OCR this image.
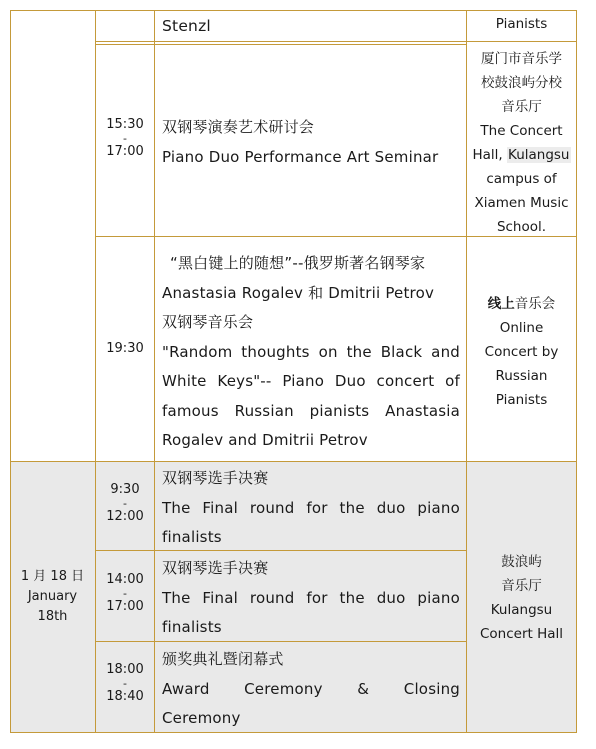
Stenzl	Pianists
15:30
-
17:00
双钢琴演奏艺术研讨会
Piano Duo Performance Art Seminar
厦门市音乐学
校鼓浪屿分校
音乐厅
The Concert
Hall, Kulangsu
campus of
Xiamen Music
School.
19:30
“黑白键上的随想”--俄罗斯著名钢琴家
Anastasia Rogalev 和 Dmitrii Petrov
双钢琴音乐会
"Random thoughts on the Black and
White Keys"-- Piano Duo concert of
famous Russian pianists Anastasia
Rogalev and Dmitrii Petrov
线上音乐会
Online
Concert by
Russian
Pianists
1 月 18 日
January
18th
9:30
-
12:00
双钢琴选手决赛
The Final round for the duo piano
finalists
14:00
-
17:00
双钢琴选手决赛
The Final round for the duo piano
finalists
18:00
-
18:40
颁奖典礼暨闭幕式
Award Ceremony & Closing
Ceremony
鼓浪屿
音乐厅
Kulangsu
Concert Hall
